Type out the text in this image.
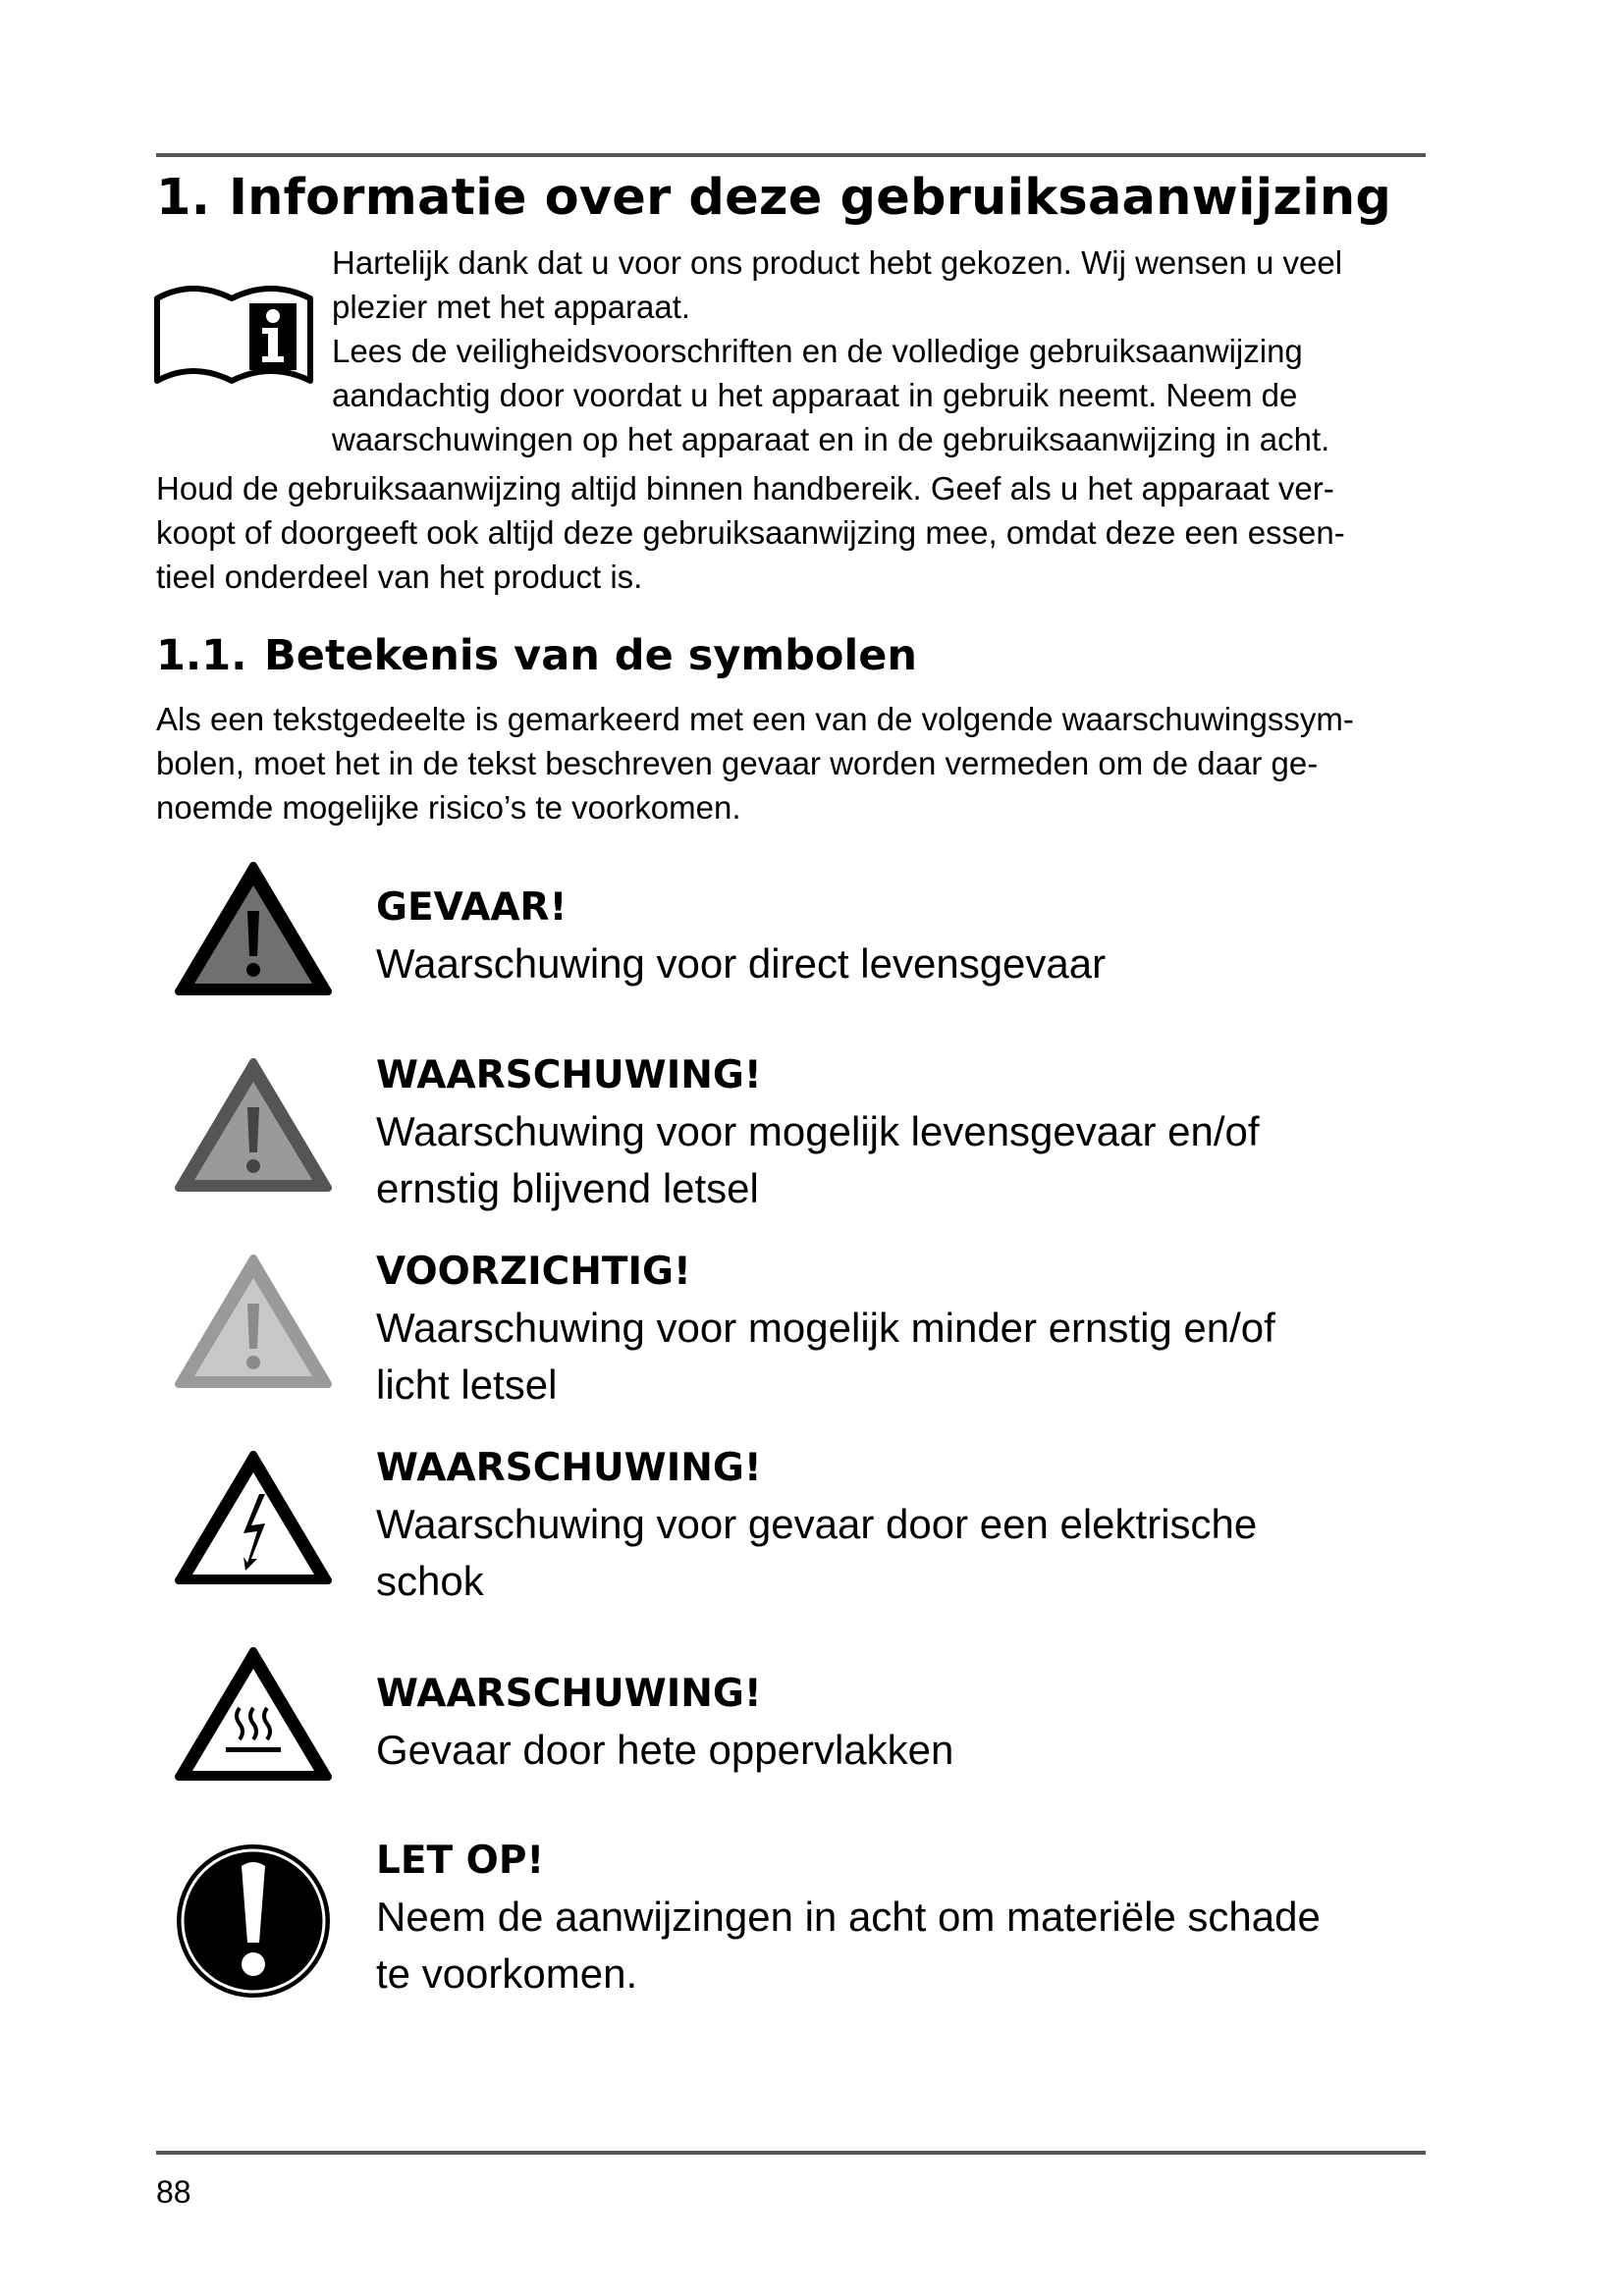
1. Informatie over deze gebruiksaanwijzing

Hartelijk dank dat u voor ons product hebt gekozen. Wij wensen u veel

plezier met het apparaat.

Lees de veiligheidsvoorschriften en de volledige gebruiksaanwijzing

aandachtig door voordat u het apparaat in gebruik neemt. Neem de

waarschuwingen op het apparaat en in de gebruiksaanwijzing in acht.

Houd de gebruiksaanwijzing altijd binnen handbereik. Geef als u het apparaat ver-

koopt of doorgeeft ook altijd deze gebruiksaanwijzing mee, omdat deze een essen-

tieel onderdeel van het product is.

1.1. Betekenis van de symbolen

Als een tekstgedeelte is gemarkeerd met een van de volgende waarschuwingssym-

bolen, moet het in de tekst beschreven gevaar worden vermeden om de daar ge-

noemde mogelijke risico’s te voorkomen.

GEVAAR!

Waarschuwing voor direct levensgevaar

WAARSCHUWING!

Waarschuwing voor mogelijk levensgevaar en/of
ernstig blijvend letsel

VOORZICHTIG!

Waarschuwing voor mogelijk minder ernstig en/of
licht letsel

WAARSCHUWING!

Waarschuwing voor gevaar door een elektrische
schok

WAARSCHUWING!

Gevaar door hete oppervlakken

LET OP!

Neem de aanwijzingen in acht om materiële schade
te voorkomen.

88
